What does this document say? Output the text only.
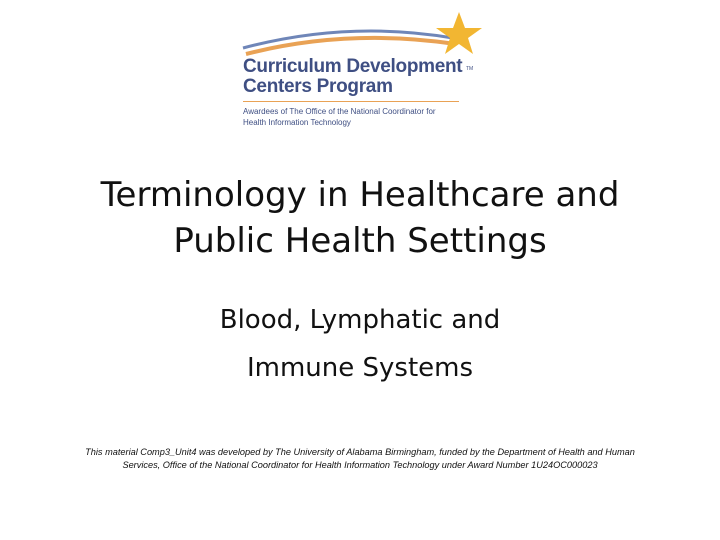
Curriculum Development
Centers Program
TM
Awardees of The Office of the National Coordinator for
Health Information Technology
Terminology in Healthcare and
Public Health Settings
Blood, Lymphatic and
Immune Systems
This material Comp3_Unit4 was developed by The University of Alabama Birmingham, funded by the Department of Health and Human Services, Office of the National Coordinator for Health Information Technology under Award Number 1U24OC000023
